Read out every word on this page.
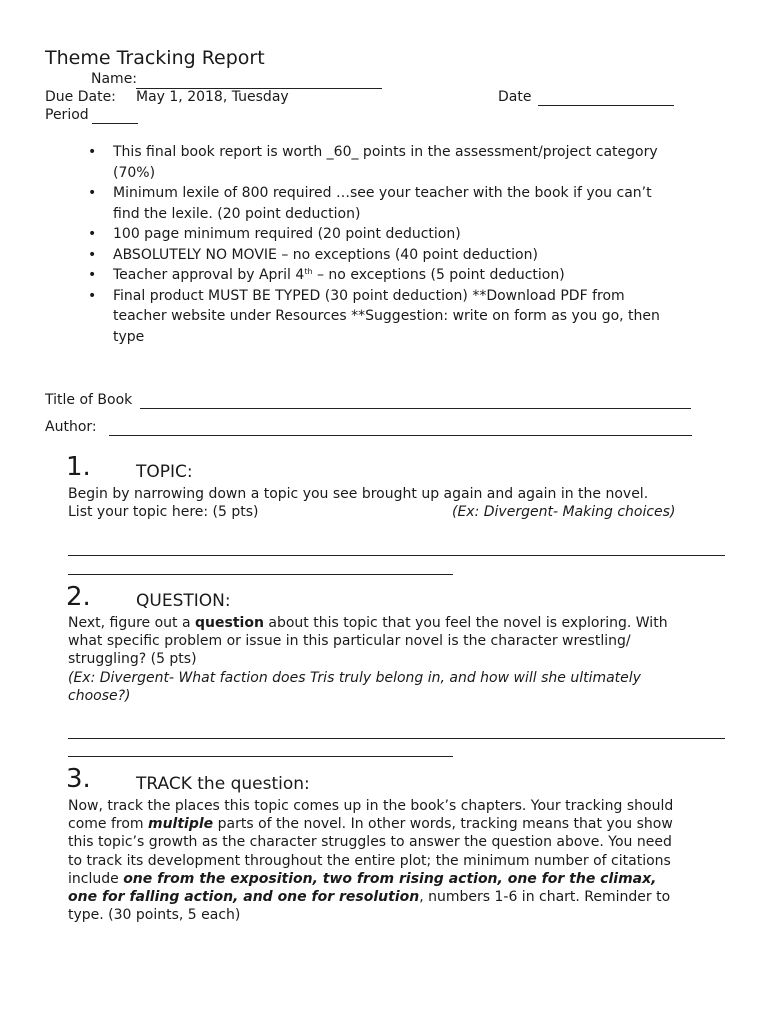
Theme Tracking Report
Name:
Due Date: May 1, 2018, Tuesday	Date
Period
• This final book report is worth _60_ points in the assessment/project category
(70%)
• Minimum lexile of 800 required …see your teacher with the book if you can’t
find the lexile. (20 point deduction)
• 100 page minimum required (20 point deduction)
• ABSOLUTELY NO MOVIE – no exceptions (40 point deduction)
• Teacher approval by April 4th – no exceptions (5 point deduction)
• Final product MUST BE TYPED (30 point deduction) **Download PDF from
teacher website under Resources **Suggestion: write on form as you go, then
type
Title of Book
Author:
1.	TOPIC:

Begin by narrowing down a topic you see brought up again and again in the novel.

List your topic here: (5 pts)	(Ex: Divergent- Making choices)

2.	QUESTION:

Next, figure out a question about this topic that you feel the novel is exploring. With

what specific problem or issue in this particular novel is the character wrestling/

struggling? (5 pts)

(Ex: Divergent- What faction does Tris truly belong in, and how will she ultimately

choose?)

3.	TRACK the question:

Now, track the places this topic comes up in the book’s chapters. Your tracking should

come from multiple parts of the novel. In other words, tracking means that you show

this topic’s growth as the character struggles to answer the question above. You need

to track its development throughout the entire plot; the minimum number of citations

include one from the exposition, two from rising action, one for the climax,

one for falling action, and one for resolution, numbers 1-6 in chart. Reminder to

type. (30 points, 5 each)
